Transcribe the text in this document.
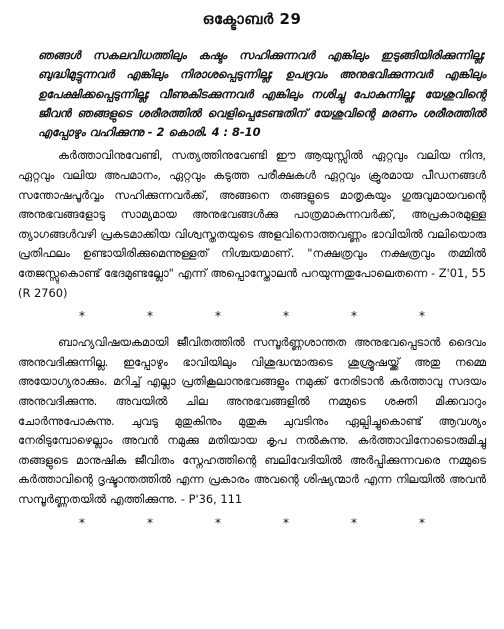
ഒക്ടോബർ 29

ഞങ്ങൾ സകലവിധത്തിലും കഷ്ടം സഹിക്കുന്നവർ എങ്കിലും ഇടുങ്ങിയിരിക്കുന്നില്ല; ബുദ്ധിമുട്ടുന്നവർ എങ്കിലും നിരാശപ്പെടുന്നില്ല; ഉപദ്രവം അനുഭവിക്കുന്നവർ എങ്കിലും ഉപേക്ഷിക്കപ്പെടുന്നില്ല; വീണുകിടക്കുന്നവർ എങ്കിലും നശിച്ചു പോകുന്നില്ല; യേശുവിന്റെ ജീവൻ ഞങ്ങളുടെ ശരീരത്തിൽ വെളിപ്പെടേണ്ടതിന് യേശുവിന്റെ മരണം ശരീരത്തിൽ എപ്പോഴും വഹിക്കുന്നു - 2 കൊരി. 4 : 8-10

കർത്താവിനുവേണ്ടി, സത്യത്തിനുവേണ്ടി ഈ ആയുസ്സിൽ ഏറ്റവും വലിയ നിന്ദ, ഏറ്റവും വലിയ അപമാനം, ഏറ്റവും കടുത്ത പരീക്ഷകൾ ഏറ്റവും ക്രൂരമായ പീഡനങ്ങൾ സന്തോഷപൂർവ്വം സഹിക്കുന്നവർക്ക്, അങ്ങനെ തങ്ങളുടെ മാതൃകയും ഗുരുവുമായവന്റെ അനുഭവങ്ങളോടു സാമ്യമായ അനുഭവങ്ങൾക്കു പാത്രമാകുന്നവർക്ക്, അപ്രകാരമുള്ള ത്യാഗങ്ങൾവഴി പ്രകടമാക്കിയ വിശ്വസ്തതയുടെ അളവിനൊത്തവണ്ണം ഭാവിയിൽ വലിയൊരു പ്രതിഫലം ഉണ്ടായിരിക്കുമെന്നുള്ളത് നിശ്ചയമാണ്. "നക്ഷത്രവും നക്ഷത്രവും തമ്മിൽ തേജസ്സുകൊണ്ട് ഭേദമുണ്ടല്ലോ" എന്ന് അപ്പൊസ്തോലൻ പറയുന്നതുപോലെതന്നെ - Z'01, 55 (R 2760)

*	*	*	*	*	*

ബാഹ്യവിഷയകമായി ജീവിതത്തിൽ സമ്പൂർണ്ണശാന്തത അനുഭവപ്പെടാൻ ദൈവം അനുവദിക്കുന്നില്ല. ഇപ്പോഴും ഭാവിയിലും വിശുദ്ധന്മാരുടെ ശുശ്രൂഷയ്ക്ക് അതു നമ്മെ അയോഗ്യരാക്കും. മറിച്ച് എല്ലാ പ്രതികൂലാനുഭവങ്ങളും നമുക്ക് നേരിടാൻ കർത്താവു സദയം അനുവദിക്കുന്നു. അവയിൽ ചില അനുഭവങ്ങളിൽ നമ്മുടെ ശക്തി മിക്കവാറും ചോർന്നുപോകുന്നു. ചുവടു മുതുകിനും മുതുകു ചുവടിനും ഏല്പിച്ചുകൊണ്ട് ആവശ്യം നേരിടുമ്പോഴെല്ലാം അവൻ നമുക്കു മതിയായ കൃപ നൽകുന്നു. കർത്താവിനോടൊരുമിച്ചു തങ്ങളുടെ മാനുഷിക ജീവിതം സ്നേഹത്തിന്റെ ബലിവേദിയിൽ അർപ്പിക്കുന്നവരെ നമ്മുടെ കർത്താവിന്റെ ദൃഷ്ടാന്തത്തിൽ എന്ന പ്രകാരം അവന്റെ ശിഷ്യന്മാർ എന്ന നിലയിൽ അവൻ സമ്പൂർണ്ണതയിൽ എത്തിക്കുന്നു. - P'36, 111

*	*	*	*	*	*
